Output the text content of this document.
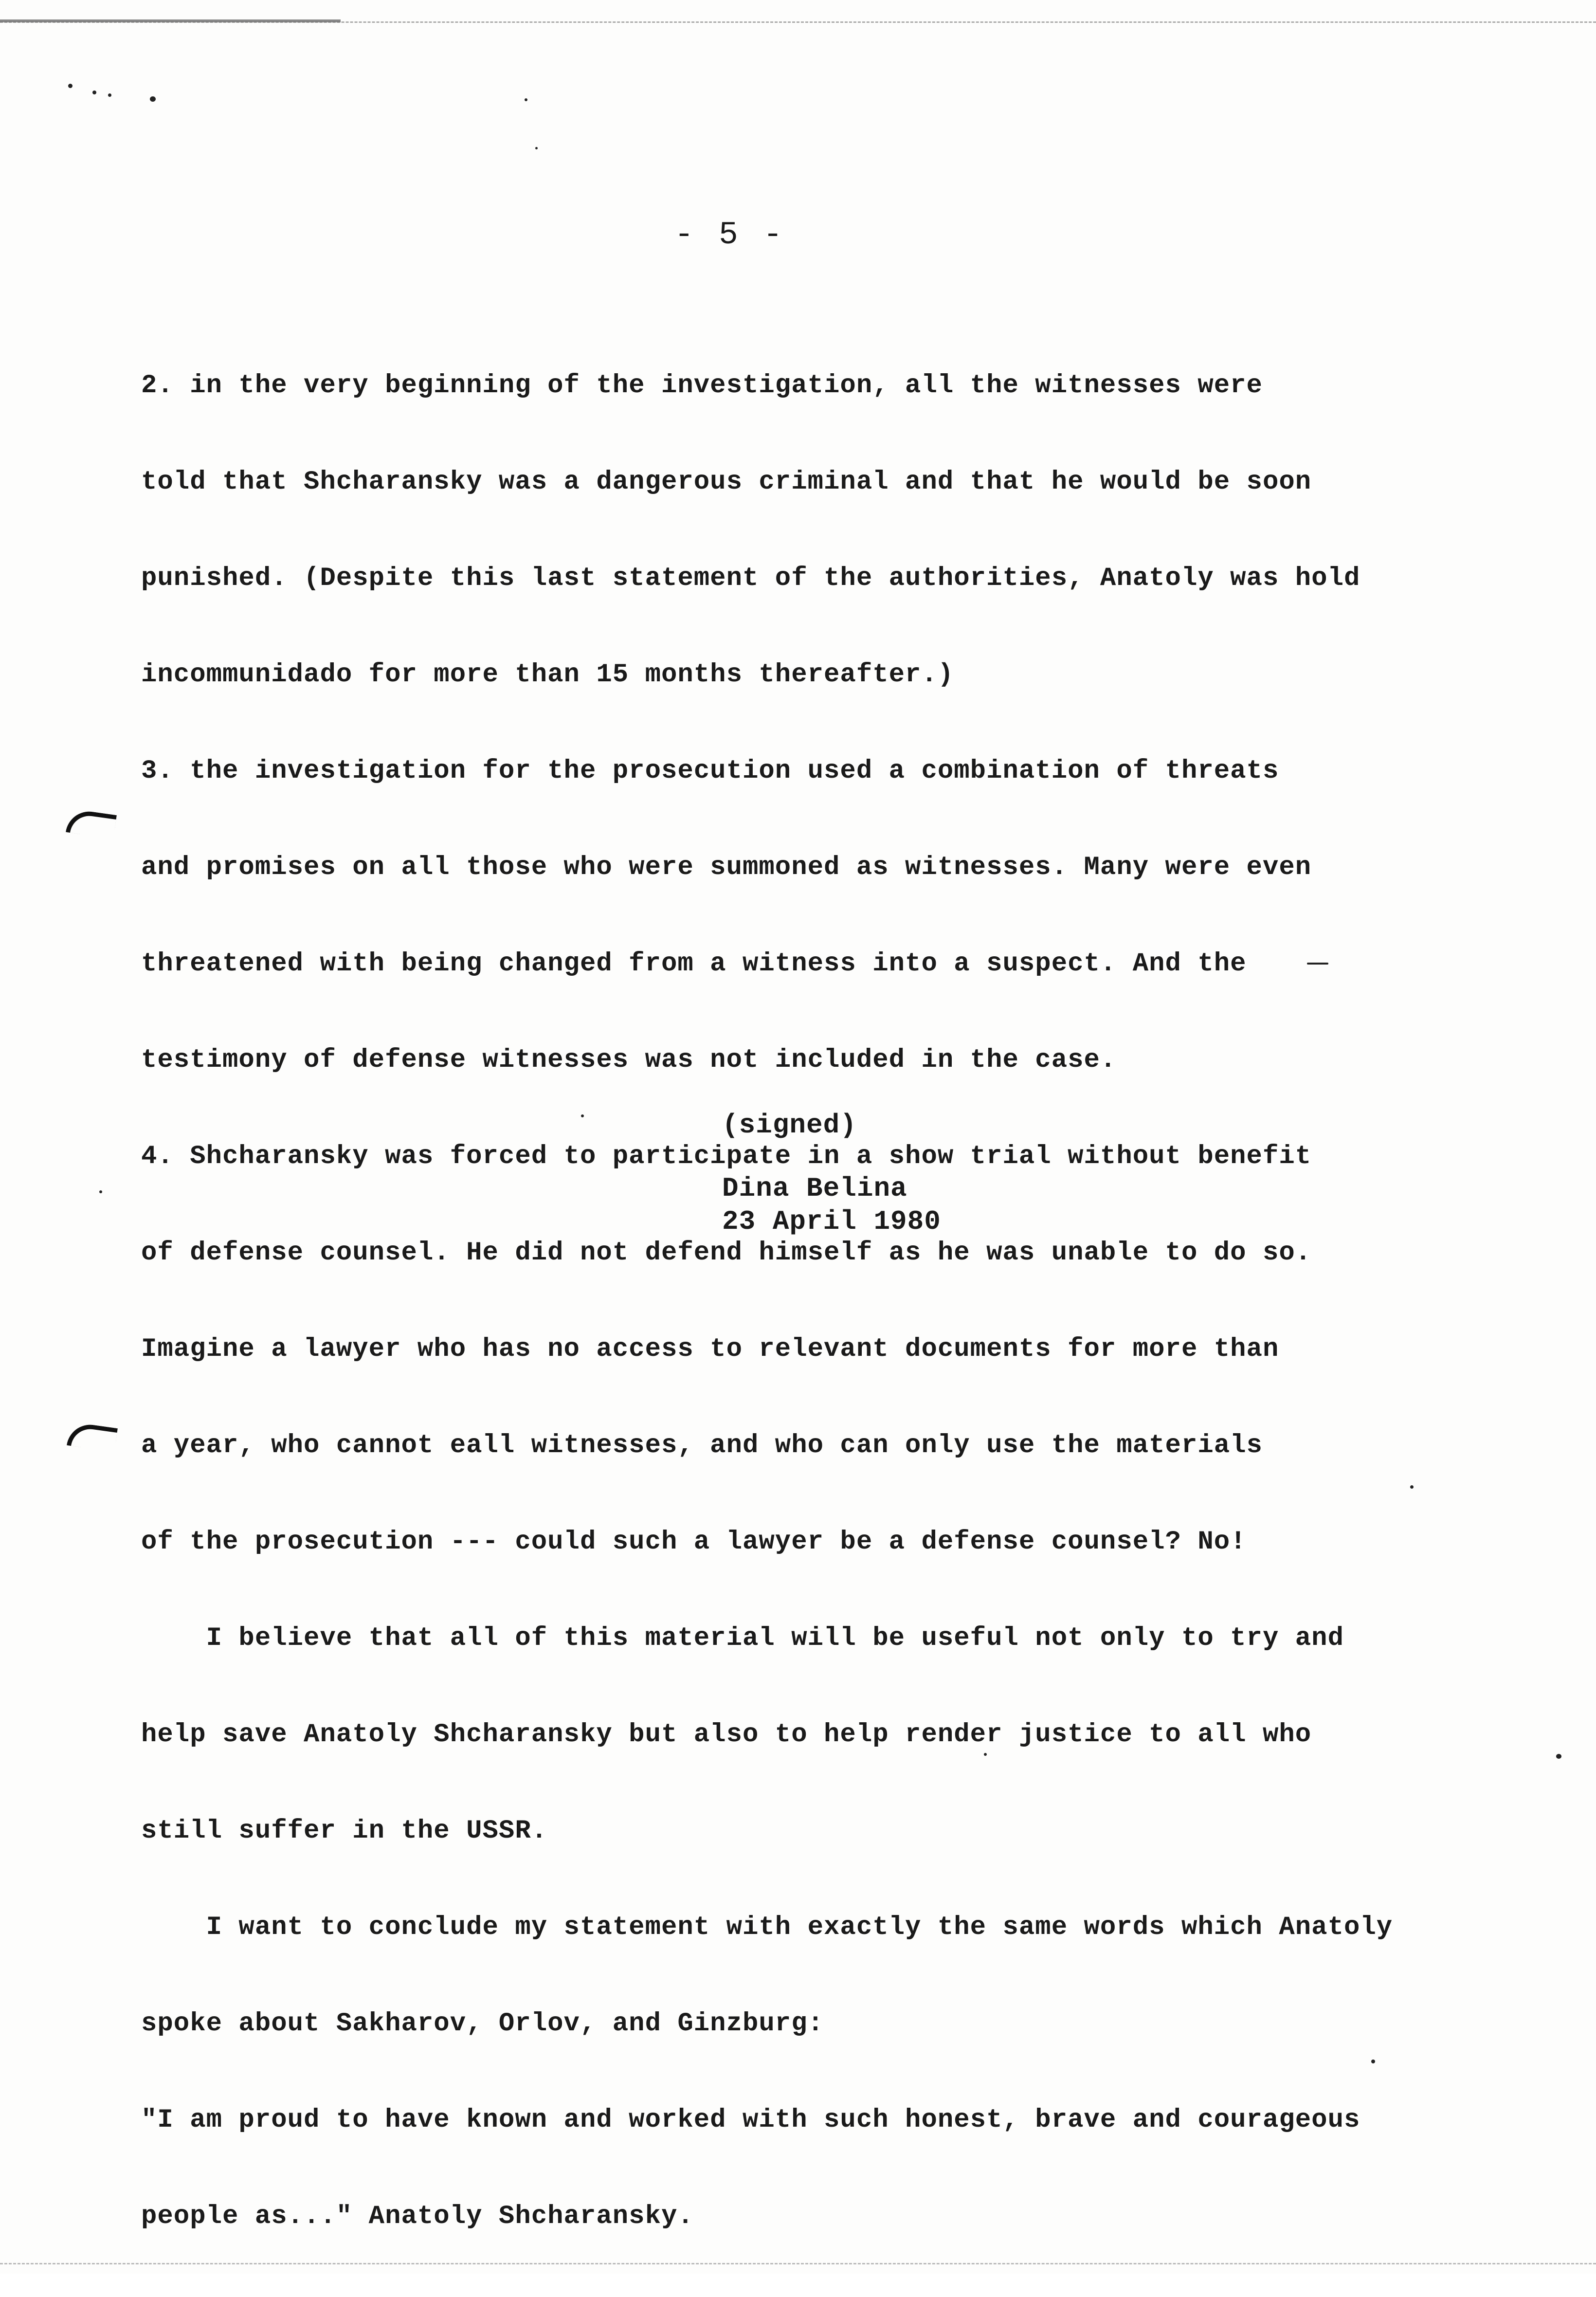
- 5 -

2. in the very beginning of the investigation, all the witnesses were

told that Shcharansky was a dangerous criminal and that he would be soon

punished. (Despite this last statement of the authorities, Anatoly was hold

incommunidado for more than 15 months thereafter.)

3. the investigation for the prosecution used a combination of threats

and promises on all those who were summoned as witnesses. Many were even

threatened with being changed from a witness into a suspect. And the

testimony of defense witnesses was not included in the case.

4. Shcharansky was forced to participate in a show trial without benefit

of defense counsel. He did not defend himself as he was unable to do so.

Imagine a lawyer who has no access to relevant documents for more than

a year, who cannot eall witnesses, and who can only use the materials

of the prosecution --- could such a lawyer be a defense counsel? No!

I believe that all of this material will be useful not only to try and

help save Anatoly Shcharansky but also to help render justice to all who

still suffer in the USSR.

I want to conclude my statement with exactly the same words which Anatoly

spoke about Sakharov, Orlov, and Ginzburg:

"I am proud to have known and worked with such honest, brave and courageous

people as..." Anatoly Shcharansky.

(signed)
Dina Belina
23 April 1980
